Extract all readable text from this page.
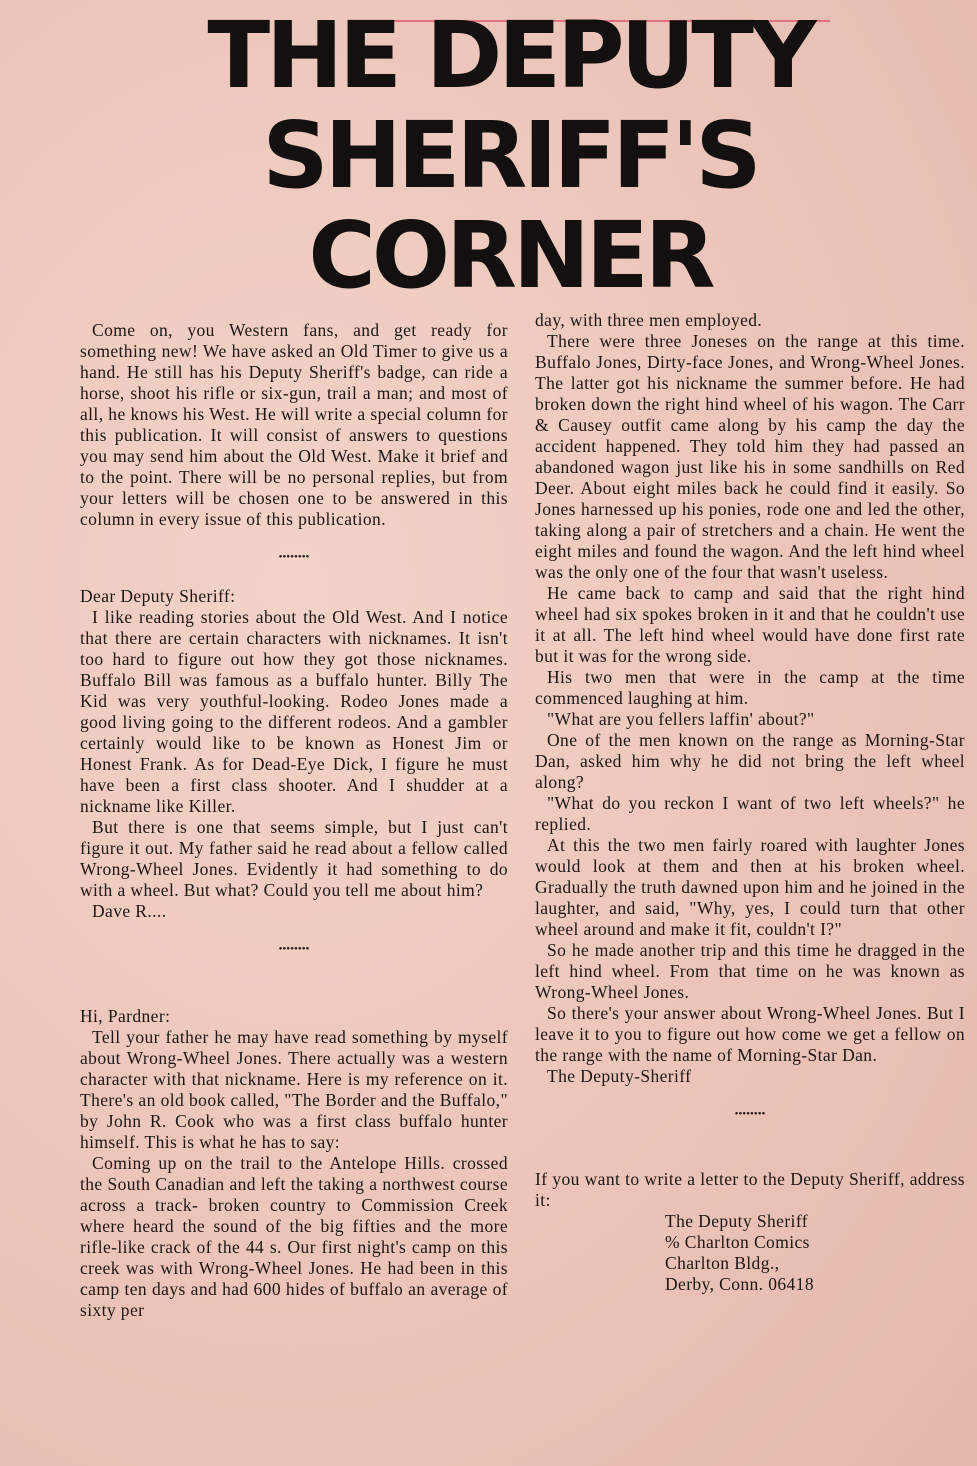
THE DEPUTY
SHERIFF'S
CORNER

Come on, you Western fans, and get ready for something new! We have asked an Old Timer to give us a hand. He still has his Deputy Sheriff's badge, can ride a horse, shoot his rifle or six-gun, trail a man; and most of all, he knows his West. He will write a special column for this publication. It will consist of answers to questions you may send him about the Old West. Make it brief and to the point. There will be no personal replies, but from your letters will be chosen one to be answered in this column in every issue of this publication.

••••••••

Dear Deputy Sheriff:

I like reading stories about the Old West. And I notice that there are certain characters with nicknames. It isn't too hard to figure out how they got those nicknames. Buffalo Bill was famous as a buffalo hunter. Billy The Kid was very youthful-looking. Rodeo Jones made a good living going to the different rodeos. And a gambler certainly would like to be known as Honest Jim or Honest Frank. As for Dead-Eye Dick, I figure he must have been a first class shooter. And I shudder at a nickname like Killer.

But there is one that seems simple, but I just can't figure it out. My father said he read about a fellow called Wrong-Wheel Jones. Evidently it had something to do with a wheel. But what? Could you tell me about him?

Dave R....

••••••••

Hi, Pardner:

Tell your father he may have read something by myself about Wrong-Wheel Jones. There actually was a western character with that nickname. Here is my reference on it. There's an old book called, "The Border and the Buffalo," by John R. Cook who was a first class buffalo hunter himself. This is what he has to say:

Coming up on the trail to the Antelope Hills. crossed the South Canadian and left the taking a northwest course across a track- broken country to Commission Creek where heard the sound of the big fifties and the more rifle-like crack of the 44 s. Our first night's camp on this creek was with Wrong-Wheel Jones. He had been in this camp ten days and had 600 hides of buffalo an average of sixty per

day, with three men employed.

There were three Joneses on the range at this time. Buffalo Jones, Dirty-face Jones, and Wrong-Wheel Jones. The latter got his nickname the summer before. He had broken down the right hind wheel of his wagon. The Carr & Causey outfit came along by his camp the day the accident happened. They told him they had passed an abandoned wagon just like his in some sandhills on Red Deer. About eight miles back he could find it easily. So Jones harnessed up his ponies, rode one and led the other, taking along a pair of stretchers and a chain. He went the eight miles and found the wagon. And the left hind wheel was the only one of the four that wasn't useless.

He came back to camp and said that the right hind wheel had six spokes broken in it and that he couldn't use it at all. The left hind wheel would have done first rate but it was for the wrong side.

His two men that were in the camp at the time commenced laughing at him.

"What are you fellers laffin' about?"

One of the men known on the range as Morning-Star Dan, asked him why he did not bring the left wheel along?

"What do you reckon I want of two left wheels?" he replied.

At this the two men fairly roared with laughter Jones would look at them and then at his broken wheel. Gradually the truth dawned upon him and he joined in the laughter, and said, "Why, yes, I could turn that other wheel around and make it fit, couldn't I?"

So he made another trip and this time he dragged in the left hind wheel. From that time on he was known as Wrong-Wheel Jones.

So there's your answer about Wrong-Wheel Jones. But I leave it to you to figure out how come we get a fellow on the range with the name of Morning-Star Dan.

The Deputy-Sheriff

••••••••

If you want to write a letter to the Deputy Sheriff, address it:

The Deputy Sheriff
% Charlton Comics
Charlton Bldg.,
Derby, Conn. 06418
